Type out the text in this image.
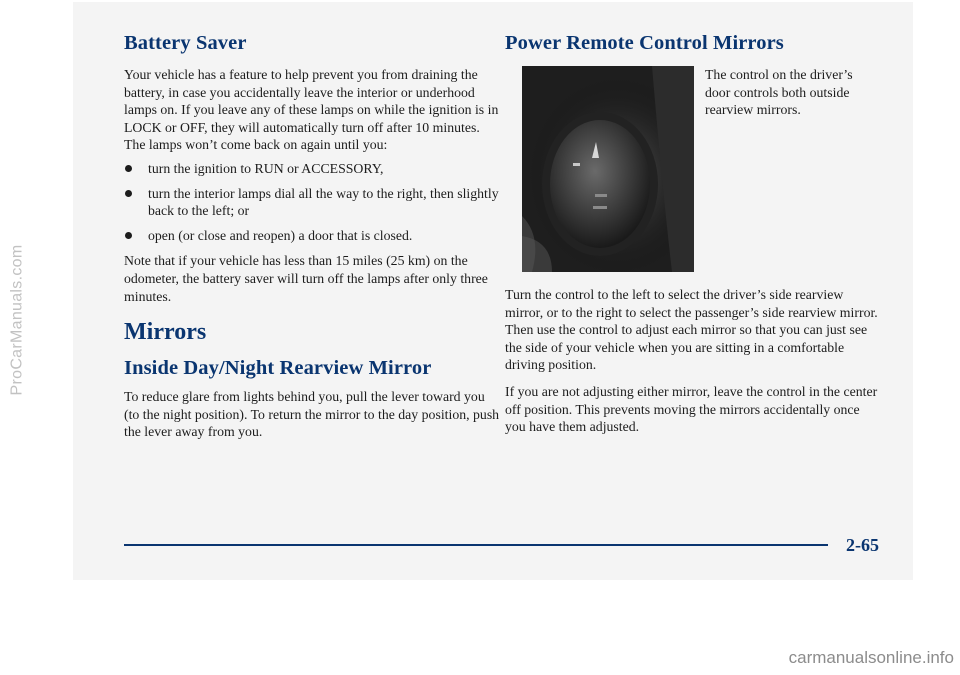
ProCarManuals.com
Battery Saver

Your vehicle has a feature to help prevent you from draining the battery, in case you accidentally leave the interior or underhood lamps on. If you leave any of these lamps on while the ignition is in LOCK or OFF, they will automatically turn off after 10 minutes. The lamps won’t come back on again until you:

turn the ignition to RUN or ACCESSORY,
turn the interior lamps dial all the way to the right, then slightly back to the left; or
open (or close and reopen) a door that is closed.

Note that if your vehicle has less than 15 miles (25 km) on the odometer, the battery saver will turn off the lamps after only three minutes.

Mirrors
Inside Day/Night Rearview Mirror

To reduce glare from lights behind you, pull the lever toward you (to the night position). To return the mirror to the day position, push the lever away from you.

Power Remote Control Mirrors

The control on the driver’s door controls both outside rearview mirrors.

Turn the control to the left to select the driver’s side rearview mirror, or to the right to select the passenger’s side rearview mirror. Then use the control to adjust each mirror so that you can just see the side of your vehicle when you are sitting in a comfortable driving position.

If you are not adjusting either mirror, leave the control in the center off position. This prevents moving the mirrors accidentally once you have them adjusted.

2-65
carmanualsonline.info
